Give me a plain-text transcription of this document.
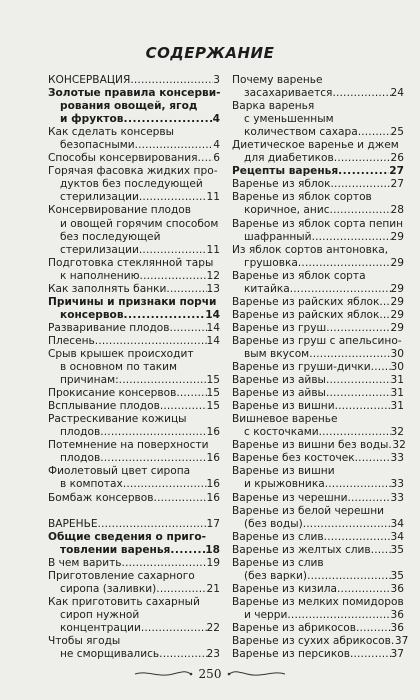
СОДЕРЖАНИЕ
КОНСЕРВАЦИЯ . . .	3
Золотые правила консерви-
рования овощей, ягод
и фруктов . . .	4
Как сделать консервы
безопасными . . .	4
Способы консервирования . . . 6
Горячая фасовка жидких про-
дуктов без последующей
стерилизации . . .	11
Консервирование плодов
и овощей горячим способом
без последующей
стерилизации . . .	11
Подготовка стеклянной тары
к наполнению . . .	12
Как заполнять банки . . .	13
Причины и признаки порчи
консервов . . .	14
Разваривание плодов . . .	14
Плесень . . .	14
Срыв крышек происходит
в основном по таким
причинам: . . .	15
Прокисание консервов . . .	15
Всплывание плодов . . .	15
Растрескивание кожицы
плодов . . .	16
Потемнение на поверхности
плодов . . .	16
Фиолетовый цвет сиропа
в компотах . . .	16
Бомбаж консервов . . .	16
ВАРЕНЬЕ . . .	17
Общие сведения о приго-
товлении варенья . . .	18
В чем варить . . .	19
Приготовление сахарного
сиропа (заливки) . . .	21
Как приготовить сахарный
сироп нужной
концентрации . . .	22
Чтобы ягоды
не сморщивались . . .	23
Почему варенье
засахаривается . . .	24
Варка варенья
с уменьшенным
количеством сахара . . .	25
Диетическое варенье и джем
для диабетиков . . .	26
Рецепты варенья . . .	27
Варенье из яблок . . .	27
Варенье из яблок сортов
коричное, анис . . .	28
Варенье из яблок сорта пепин
шафранный . . .	29
Из яблок сортов антоновка,
грушовка . . .	29
Варенье из яблок сорта
китайка . . .	29
Варенье из райских яблок . . . 29
Варенье из райских яблок . . . 29
Варенье из груш . . .	29
Варенье из груш с апельсино-
вым вкусом . . .	30
Варенье из груши-дички . . . 30
Варенье из айвы . . .	31
Варенье из айвы . . .	31
Варенье из вишни . . .	31
Вишневое варенье
с косточками . . .	32
Варенье из вишни без воды . . . 32
Варенье без косточек . . .	33
Варенье из вишни
и крыжовника . . .	33
Варенье из черешни . . .	33
Варенье из белой черешни
(без воды) . . .	34
Варенье из слив . . .	34
Варенье из желтых слив . . . 35
Варенье из слив
(без варки) . . .	35
Варенье из кизила . . .	36
Варенье из мелких помидоров
и черри . . .	36
Варенье из абрикосов . . .	36
Варенье из сухих абрикосов . . . 37
Варенье из персиков . . .	37
250
